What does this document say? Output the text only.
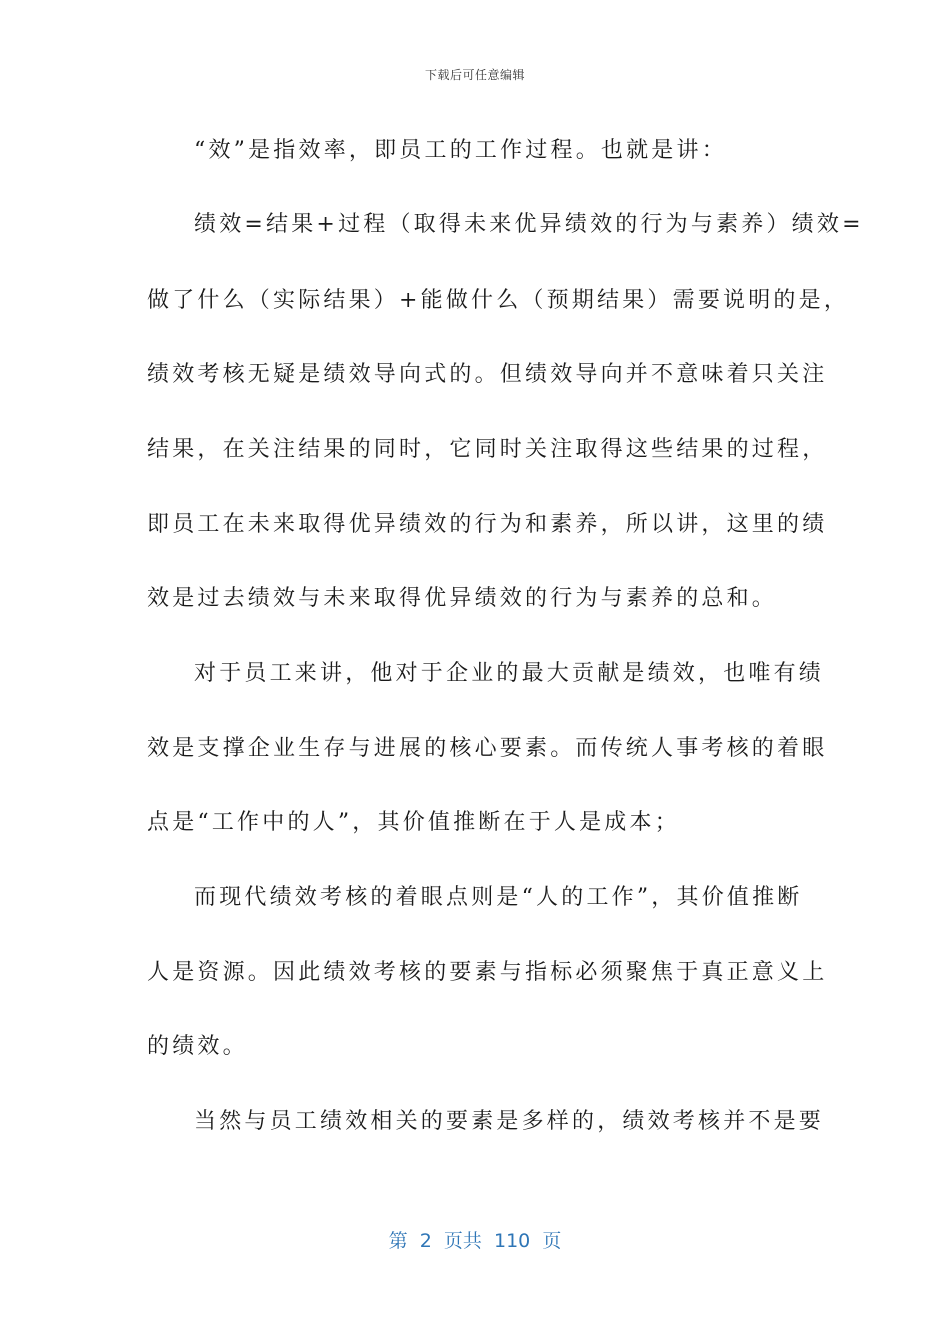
下载后可任意编辑
“效”是指效率，即员工的工作过程。也就是讲：
绩效=结果+过程（取得未来优异绩效的行为与素养）绩效=
做了什么（实际结果）+能做什么（预期结果）需要说明的是，
绩效考核无疑是绩效导向式的。但绩效导向并不意味着只关注
结果，在关注结果的同时，它同时关注取得这些结果的过程，
即员工在未来取得优异绩效的行为和素养，所以讲，这里的绩
效是过去绩效与未来取得优异绩效的行为与素养的总和。
对于员工来讲，他对于企业的最大贡献是绩效，也唯有绩
效是支撑企业生存与进展的核心要素。而传统人事考核的着眼
点是“工作中的人”，其价值推断在于人是成本；
而现代绩效考核的着眼点则是“人的工作”，其价值推断
人是资源。因此绩效考核的要素与指标必须聚焦于真正意义上
的绩效。
当然与员工绩效相关的要素是多样的，绩效考核并不是要
第  2  页共  110  页
